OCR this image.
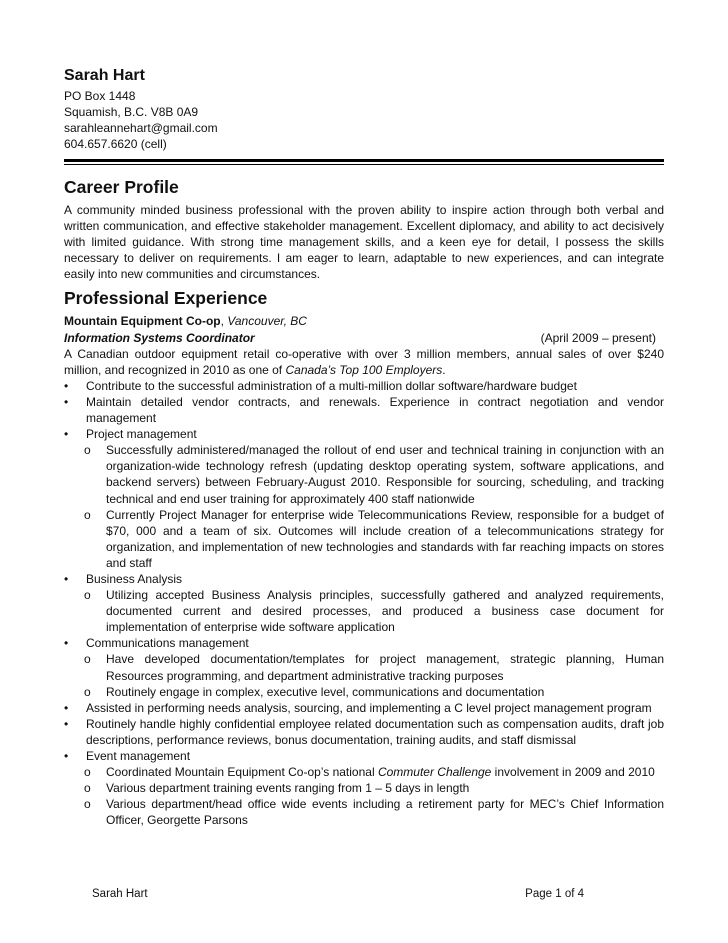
Sarah Hart

PO Box 1448

Squamish, B.C. V8B 0A9

sarahleannehart@gmail.com

604.657.6620 (cell)

Career Profile

A community minded business professional with the proven ability to inspire action through both verbal and written communication, and effective stakeholder management. Excellent diplomacy, and ability to act decisively with limited guidance. With strong time management skills, and a keen eye for detail, I possess the skills necessary to deliver on requirements. I am eager to learn, adaptable to new experiences, and can integrate easily into new communities and circumstances.

Professional Experience

Mountain Equipment Co-op, Vancouver, BC

Information Systems Coordinator	(April 2009 – present)

A Canadian outdoor equipment retail co-operative with over 3 million members, annual sales of over $240 million, and recognized in 2010 as one of Canada’s Top 100 Employers.

• Contribute to the successful administration of a multi-million dollar software/hardware budget
• Maintain detailed vendor contracts, and renewals. Experience in contract negotiation and vendor management
• Project management
o Successfully administered/managed the rollout of end user and technical training in conjunction with an organization-wide technology refresh (updating desktop operating system, software applications, and backend servers) between February-August 2010. Responsible for sourcing, scheduling, and tracking technical and end user training for approximately 400 staff nationwide
o Currently Project Manager for enterprise wide Telecommunications Review, responsible for a budget of $70, 000 and a team of six. Outcomes will include creation of a telecommunications strategy for organization, and implementation of new technologies and standards with far reaching impacts on stores and staff
• Business Analysis
o Utilizing accepted Business Analysis principles, successfully gathered and analyzed requirements, documented current and desired processes, and produced a business case document for implementation of enterprise wide software application
• Communications management
o Have developed documentation/templates for project management, strategic planning, Human Resources programming, and department administrative tracking purposes
o Routinely engage in complex, executive level, communications and documentation
• Assisted in performing needs analysis, sourcing, and implementing a C level project management program
• Routinely handle highly confidential employee related documentation such as compensation audits, draft job descriptions, performance reviews, bonus documentation, training audits, and staff dismissal
• Event management
o Coordinated Mountain Equipment Co-op’s national Commuter Challenge involvement in 2009 and 2010
o Various department training events ranging from 1 – 5 days in length
o Various department/head office wide events including a retirement party for MEC’s Chief Information Officer, Georgette Parsons
Sarah Hart	Page 1 of 4
